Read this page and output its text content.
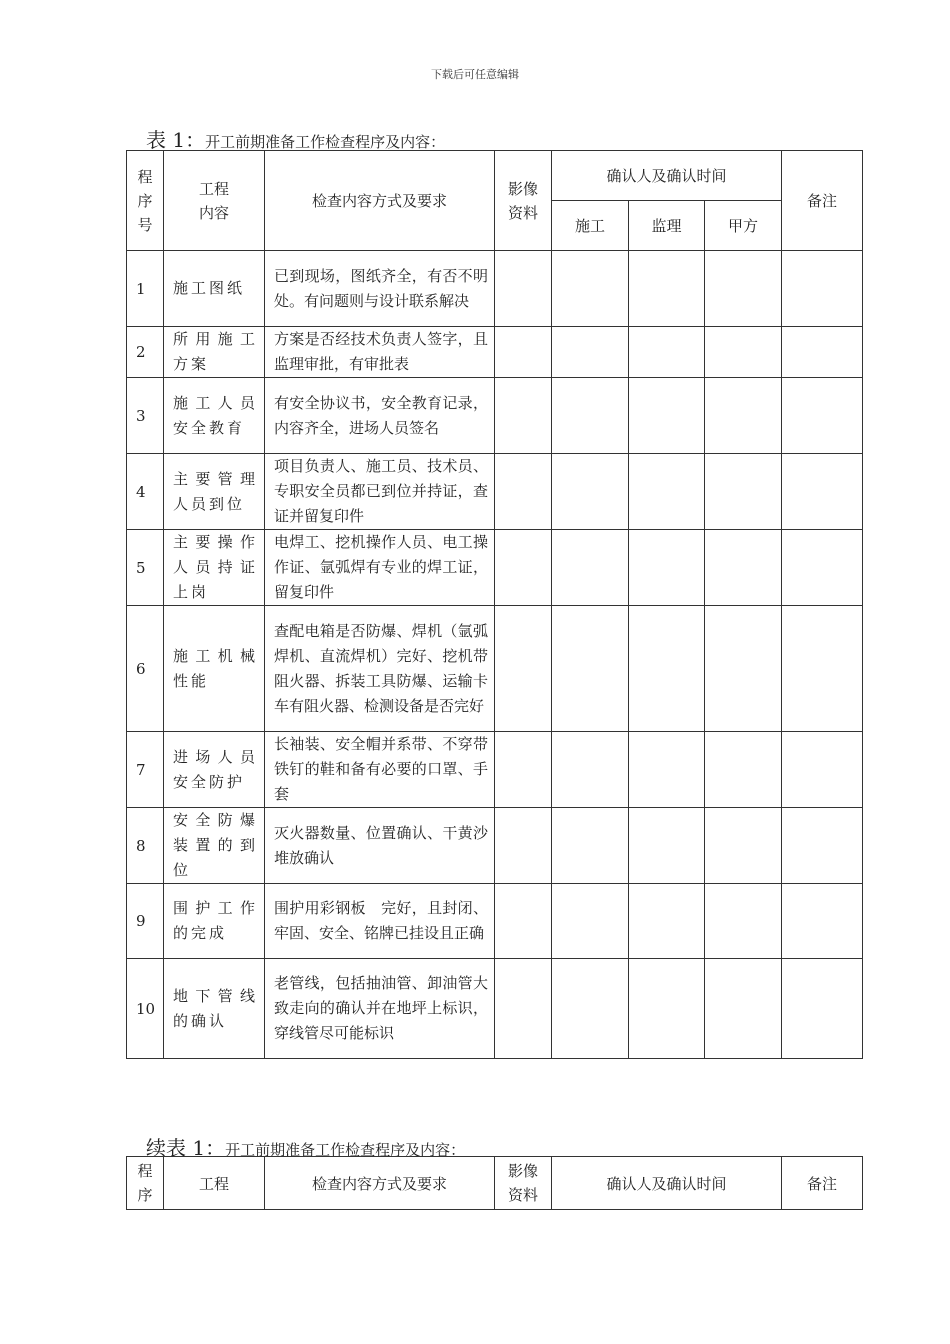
下载后可任意编辑
表 1：开工前期准备工作检查程序及内容：
程序号	工程内容	检查内容方式及要求	影像资料	确认人及确认时间			备注
				施工	监理	甲方	
1	施工图纸	已到现场，图纸齐全，有否不明处。有问题则与设计联系解决					
2	所用施工方案	方案是否经技术负责人签字，且监理审批，有审批表					
3	施工人员安全教育	有安全协议书，安全教育记录，内容齐全，进场人员签名					
4	主要管理人员到位	项目负责人、施工员、技术员、专职安全员都已到位并持证，查证并留复印件					
5	主要操作人员持证上岗	电焊工、挖机操作人员、电工操作证、氩弧焊有专业的焊工证，留复印件					
6	施工机械性能	查配电箱是否防爆、焊机（氩弧焊机、直流焊机）完好、挖机带阻火器、拆装工具防爆、运输卡车有阻火器、检测设备是否完好					
7	进场人员安全防护	长袖装、安全帽并系带、不穿带铁钉的鞋和备有必要的口罩、手套					
8	安全防爆装置的到位	灭火器数量、位置确认、干黄沙堆放确认					
9	围护工作的完成	围护用彩钢板　完好，且封闭、牢固、安全、铭牌已挂设且正确					
10	地下管线的确认	老管线，包括抽油管、卸油管大致走向的确认并在地坪上标识，穿线管尽可能标识					
续表 1：开工前期准备工作检查程序及内容：
程序	工程	检查内容方式及要求	影像资料	确认人及确认时间	备注
